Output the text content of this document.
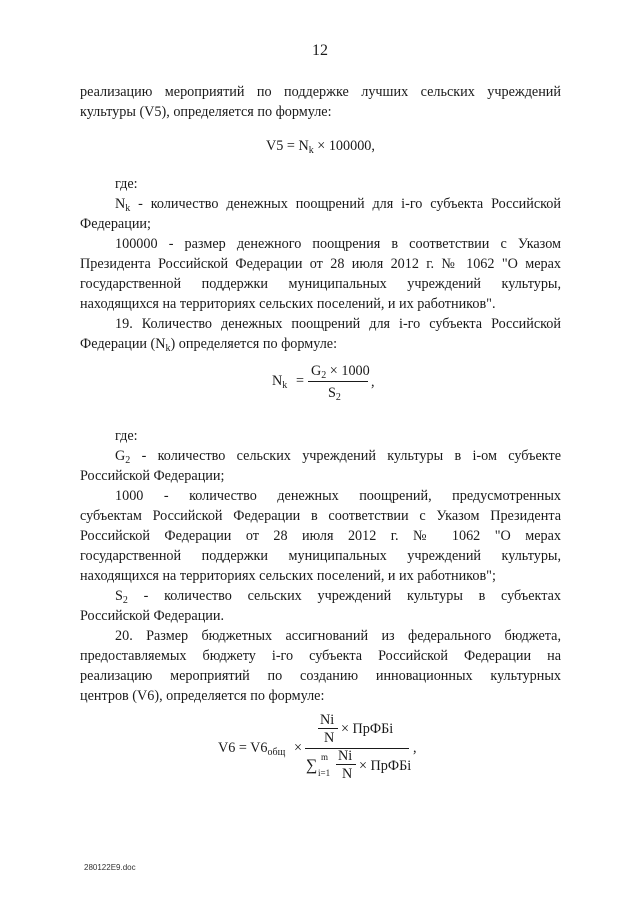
12
реализацию мероприятий по поддержке лучших сельских учреждений
культуры (V5), определяется по формуле:
$V5 = N_k \times 100000$,
где:
$N_k$ - количество денежных поощрений для i-го субъекта Российской
Федерации;
100000 - размер денежного поощрения в соответствии с Указом
Президента Российской Федерации от 28 июля 2012 г. № 1062 "О мерах
государственной поддержки муниципальных учреждений культуры,
находящихся на территориях сельских поселений, и их работников".
19. Количество денежных поощрений для i-го субъекта Российской
Федерации $(N_k)$ определяется по формуле:
$N_k$ =
$G_2 \times 1000$
$S_2$
,
где:
$G_2$ - количество сельских учреждений культуры в i-ом субъекте
Российской Федерации;
1000 - количество денежных поощрений, предусмотренных
субъектам Российской Федерации в соответствии с Указом Президента
Российской Федерации от 28 июля 2012 г. № 1062 "О мерах
государственной поддержки муниципальных учреждений культуры,
находящихся на территориях сельских поселений, и их работников";
$S_2$ - количество сельских учреждений культуры в субъектах
Российской Федерации.
20. Размер бюджетных ассигнований из федерального бюджета,
предоставляемых бюджету i-го субъекта Российской Федерации на
реализацию мероприятий по созданию инновационных культурных
центров (V6), определяется по формуле:
$V6 = V6_{общ}$ ×
Ni
N
× ПрФБi
∑ m
i=1
Ni
N × ПрФБi
,
280122E9.doc
